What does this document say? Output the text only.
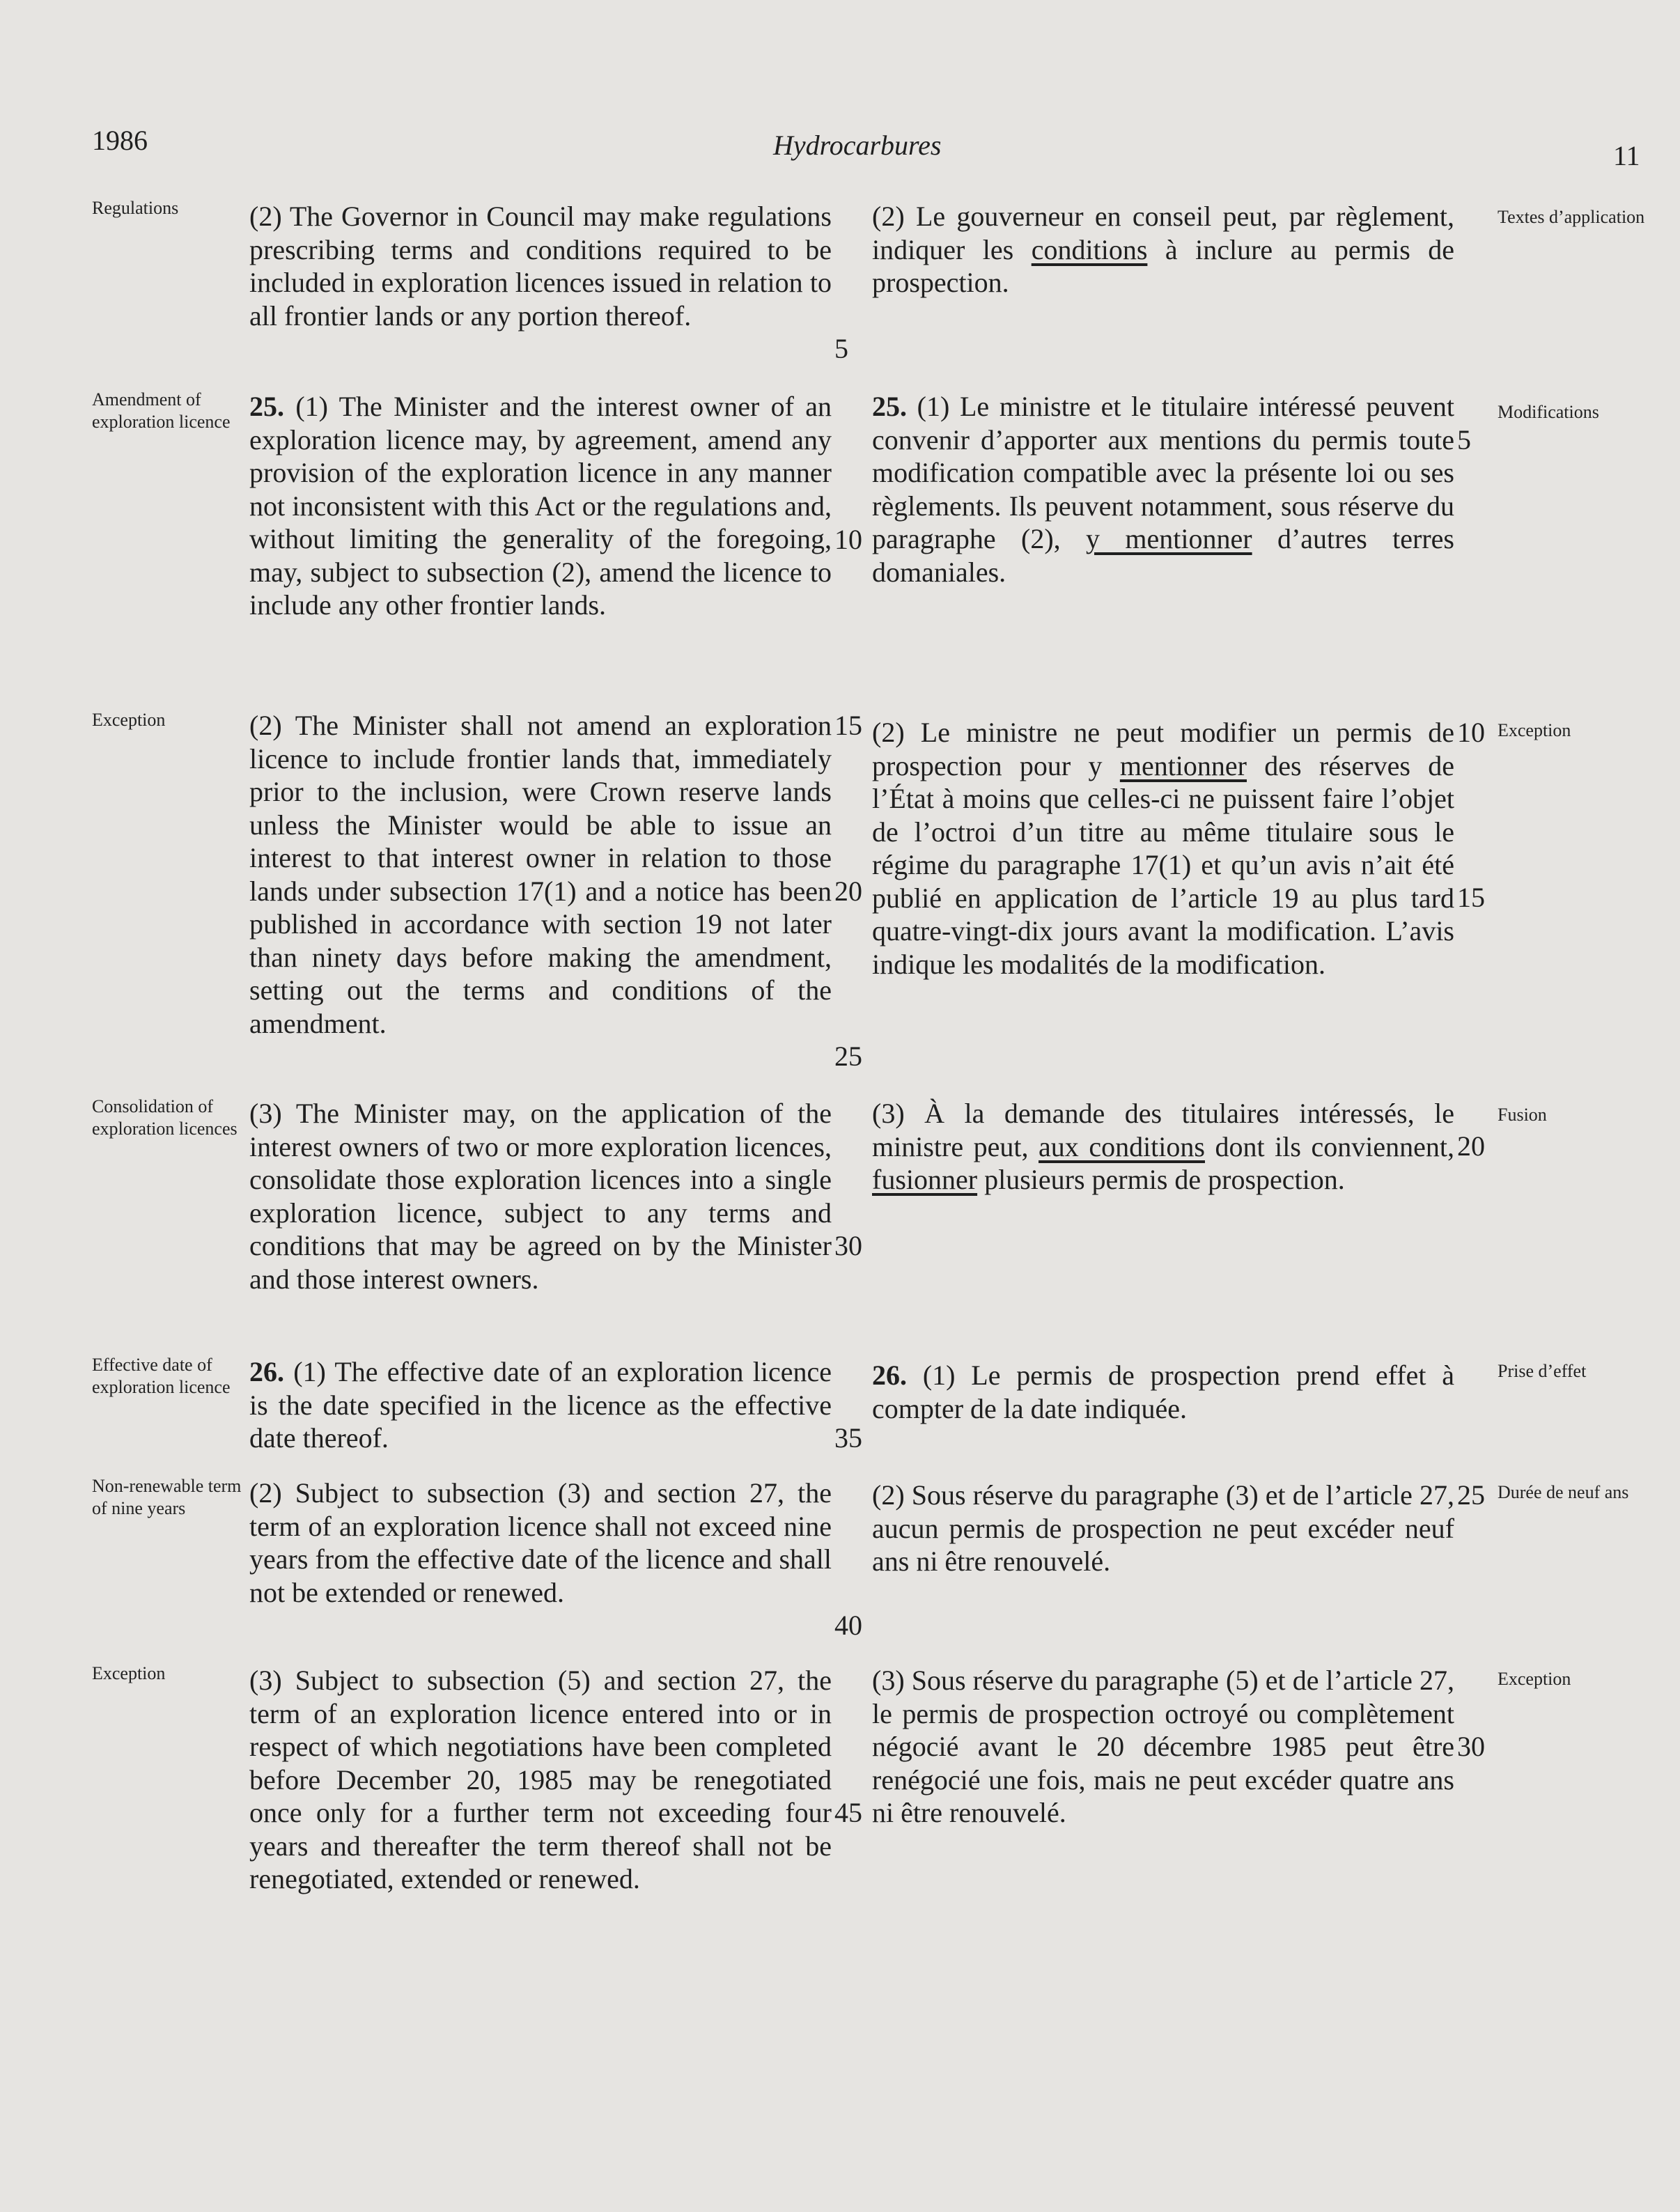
1986	Hydrocarbures	11
Regulations	Textes d’application

(2) The Governor in Council may make regulations prescribing terms and conditions required to be included in exploration licences issued in relation to all frontier lands or any portion thereof.

(2) Le gouverneur en conseil peut, par règlement, indiquer les conditions à inclure au permis de prospection.

Amendment of exploration licence	Modifications

25. (1) The Minister and the interest owner of an exploration licence may, by agreement, amend any provision of the exploration licence in any manner not inconsistent with this Act or the regulations and, without limiting the generality of the foregoing, may, subject to subsection (2), amend the licence to include any other frontier lands.

25. (1) Le ministre et le titulaire intéressé peuvent convenir d’apporter aux mentions du permis toute modification compatible avec la présente loi ou ses règlements. Ils peuvent notamment, sous réserve du paragraphe (2), y mentionner d’autres terres domaniales.

Exception
Exception

(2) The Minister shall not amend an exploration licence to include frontier lands that, immediately prior to the inclusion, were Crown reserve lands unless the Minister would be able to issue an interest to that interest owner in relation to those lands under subsection 17(1) and a notice has been published in accordance with section 19 not later than ninety days before making the amendment, setting out the terms and conditions of the amendment.

(2) Le ministre ne peut modifier un permis de prospection pour y mentionner des réserves de l’État à moins que celles-ci ne puissent faire l’objet de l’octroi d’un titre au même titulaire sous le régime du paragraphe 17(1) et qu’un avis n’ait été publié en application de l’article 19 au plus tard quatre-vingt-dix jours avant la modification. L’avis indique les modalités de la modification.

Consolidation of exploration licences
Fusion

(3) The Minister may, on the application of the interest owners of two or more exploration licences, consolidate those exploration licences into a single exploration licence, subject to any terms and conditions that may be agreed on by the Minister and those interest owners.

(3) À la demande des titulaires intéressés, le ministre peut, aux conditions dont ils conviennent, fusionner plusieurs permis de prospection.

Effective date of exploration licence
Prise d’effet

26. (1) The effective date of an exploration licence is the date specified in the licence as the effective date thereof.

26. (1) Le permis de prospection prend effet à compter de la date indiquée.

Non-renewable term of nine years
Durée de neuf ans

(2) Subject to subsection (3) and section 27, the term of an exploration licence shall not exceed nine years from the effective date of the licence and shall not be extended or renewed.

(2) Sous réserve du paragraphe (3) et de l’article 27, aucun permis de prospection ne peut excéder neuf ans ni être renouvelé.

Exception	Exception

(3) Subject to subsection (5) and section 27, the term of an exploration licence entered into or in respect of which negotiations have been completed before December 20, 1985 may be renegotiated once only for a further term not exceeding four years and thereafter the term thereof shall not be renegotiated, extended or renewed.

(3) Sous réserve du paragraphe (5) et de l’article 27, le permis de prospection octroyé ou complètement négocié avant le 20 décembre 1985 peut être renégocié une fois, mais ne peut excéder quatre ans ni être renouvelé.

5
10
15
20
25
30
35
40
45
5
10
15
20
25
30
